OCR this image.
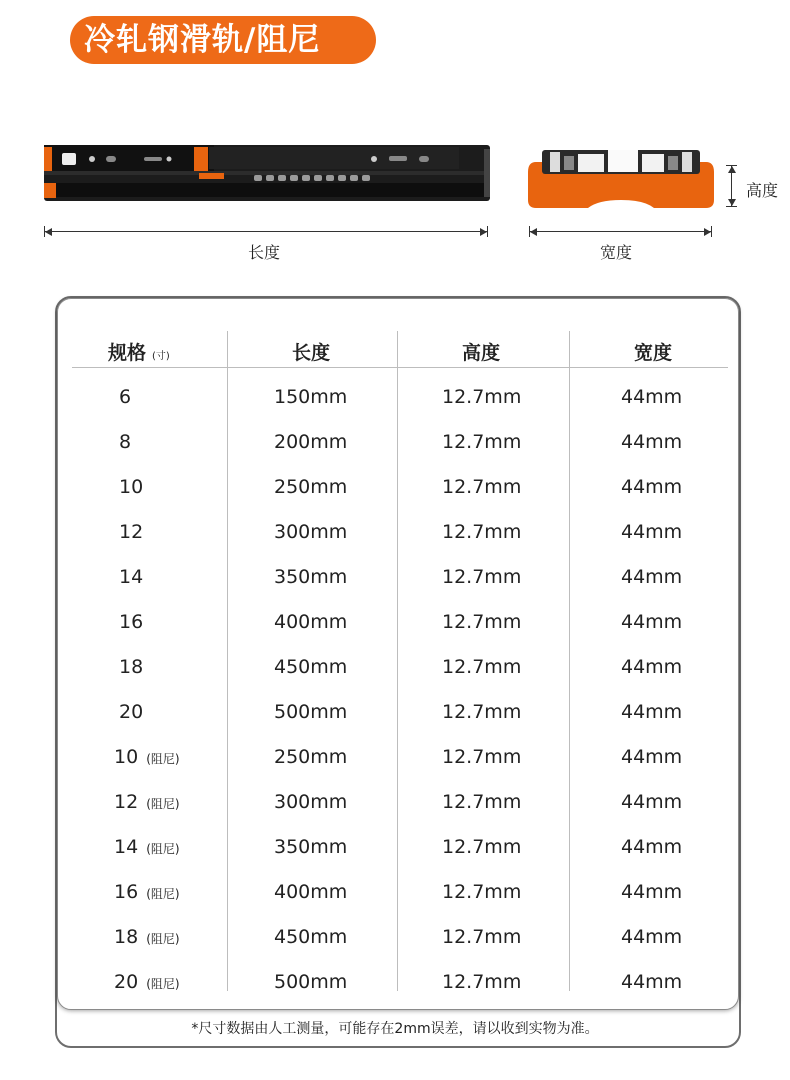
冷轧钢滑轨/阻尼
长度	宽度
高度
规格 (寸)	长度	高度	宽度
6	150mm	12.7mm	44mm
8	200mm	12.7mm	44mm
10	250mm	12.7mm	44mm
12	300mm	12.7mm	44mm
14	350mm	12.7mm	44mm
16	400mm	12.7mm	44mm
18	450mm	12.7mm	44mm
20	500mm	12.7mm	44mm
10 (阻尼)	250mm	12.7mm	44mm
12 (阻尼)	300mm	12.7mm	44mm
14 (阻尼)	350mm	12.7mm	44mm
16 (阻尼)	400mm	12.7mm	44mm
18 (阻尼)	450mm	12.7mm	44mm
20 (阻尼)	500mm	12.7mm	44mm
*尺寸数据由人工测量，可能存在2mm误差，请以收到实物为准。
